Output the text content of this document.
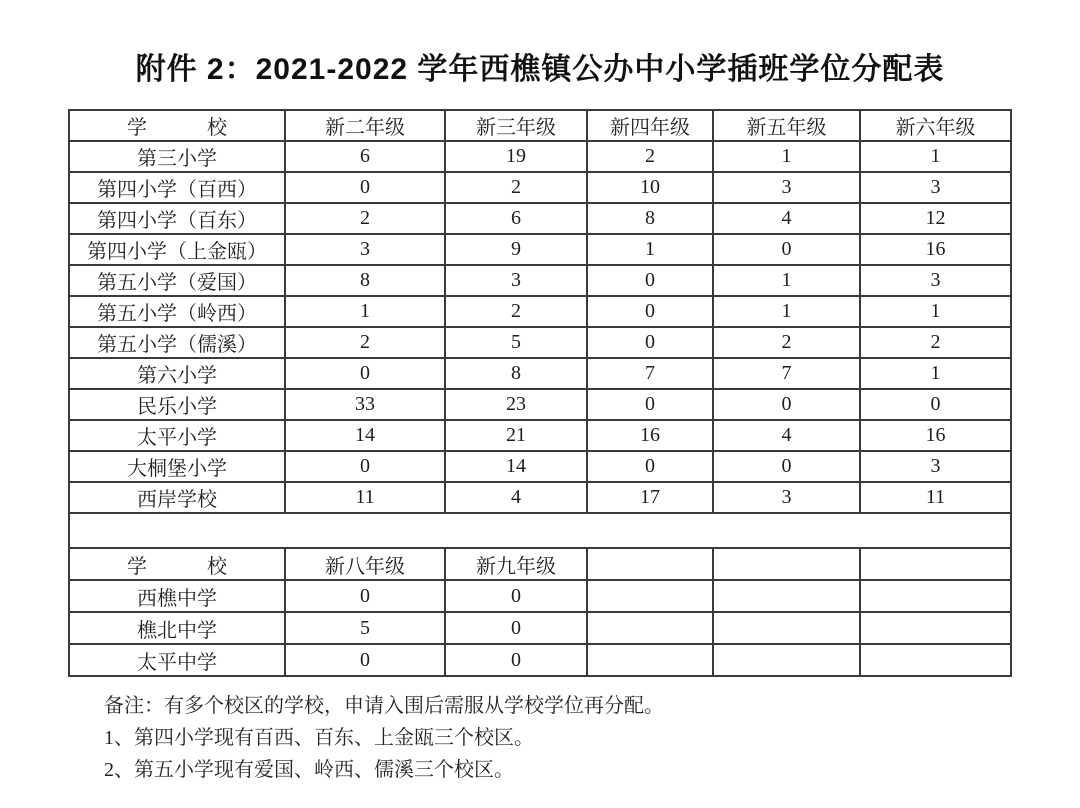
附件 2：2021-2022 学年西樵镇公办中小学插班学位分配表
学　　　校	新二年级	新三年级	新四年级	新五年级	新六年级
第三小学	6	19	2	1	1
第四小学（百西）	0	2	10	3	3
第四小学（百东）	2	6	8	4	12
第四小学（上金瓯）	3	9	1	0	16
第五小学（爱国）	8	3	0	1	3
第五小学（岭西）	1	2	0	1	1
第五小学（儒溪）	2	5	0	2	2
第六小学	0	8	7	7	1
民乐小学	33	23	0	0	0
太平小学	14	21	16	4	16
大桐堡小学	0	14	0	0	3
西岸学校	11	4	17	3	11

学　　　校	新八年级	新九年级			
西樵中学	0	0			
樵北中学	5	0			
太平中学	0	0			
备注：有多个校区的学校，申请入围后需服从学校学位再分配。
1、第四小学现有百西、百东、上金瓯三个校区。
2、第五小学现有爱国、岭西、儒溪三个校区。
